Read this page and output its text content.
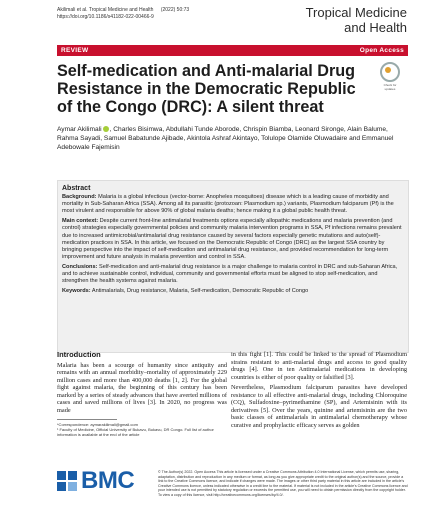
Akilimali et al. Tropical Medicine and Health (2022) 50:73
https://doi.org/10.1186/s41182-022-00466-9	Tropical Medicine
and Health
REVIEW	Open Access
Check for updates
Self-medication and Anti-malarial Drug Resistance in the Democratic Republic of the Congo (DRC): A silent threat
Aymar Akilimali , Charles Bisimwa, Abdullahi Tunde Aborode, Chrispin Biamba, Leonard Sironge, Alain Balume, Rahma Sayadi, Samuel Babatunde Ajibade, Akintola Ashraf Akintayo, Tolulope Olamide Oluwadaire and Emmanuel Adebowale Fajemisin
Abstract

Background: Malaria is a global infectious (vector-borne: Anopheles mosquitoes) disease which is a leading cause of morbidity and mortality in Sub-Saharan Africa (SSA). Among all its parasitic (protozoan: Plasmodium sp.) variants, Plasmodium falciparum (Pf) is the most virulent and responsible for above 90% of global malaria deaths; hence making it a global public health threat.

Main context: Despite current front-line antimalarial treatments options especially allopathic medications and malaria prevention (and control) strategies especially governmental policies and community malaria intervention programs in SSA, Pf infections remains prevalent due to increased antimicrobial/antimalarial drug resistance caused by several factors especially genetic mutations and auto(self)-medication practices in SSA. In this article, we focused on the Democratic Republic of Congo (DRC) as the largest SSA country by bringing perspective into the impact of self-medication and antimalarial drug resistance, and provided recommendation for long-term improvement and future analysis in malaria prevention and control in SSA.

Conclusions: Self-medication and anti-malarial drug resistance is a major challenge to malaria control in DRC and sub-Saharan Africa, and to achieve sustainable control, individual, community and governmental efforts must be aligned to stop self-medication, and strengthen the health systems against malaria.

Keywords: Antimalarials, Drug resistance, Malaria, Self-medication, Democratic Republic of Congo

Introduction

Malaria has been a scourge of humanity since antiquity and remains with an annual morbidity–mortality of approximately 229 million cases and more than 400,000 deaths [1, 2]. For the global fight against malaria, the beginning of this century has been marked by a series of steady advances that have averted millions of cases and saved millions of lives [3]. In 2020, no progress was made

*Correspondence: aymarakilimali@gmail.com
¹ Faculty of Medicine, Official University of Bukavu, Bukavu, DR Congo. Full list of author information is available at the end of the article

in this fight [1]. This could be linked to the spread of Plasmodium strains resistant to anti-malarial drugs and access to good quality drugs [4]. One in ten Antimalarial medications in developing countries is either of poor quality or falsified [3].

Nevertheless, Plasmodium falciparum parasites have developed resistance to all effective anti-malarial drugs, including Chloroquine (CQ), Sulfadoxine–pyrimethamine (SP), and Artemisinin with its derivatives [5]. Over the years, quinine and artemisinin are the two basic classes of antimalarials in antimalarial chemotherapy whose curative and prophylactic efficacy serves as golden

BMC	© The Author(s) 2022. Open Access This article is licensed under a Creative Commons Attribution 4.0 International License, which permits use, sharing, adaptation, distribution and reproduction in any medium or format, as long as you give appropriate credit to the original author(s) and the source, provide a link to the Creative Commons licence, and indicate if changes were made. The images or other third party material in this article are included in the article's Creative Commons licence, unless indicated otherwise in a credit line to the material. If material is not included in the article's Creative Commons licence and your intended use is not permitted by statutory regulation or exceeds the permitted use, you will need to obtain permission directly from the copyright holder. To view a copy of this licence, visit http://creativecommons.org/licenses/by/4.0/.
